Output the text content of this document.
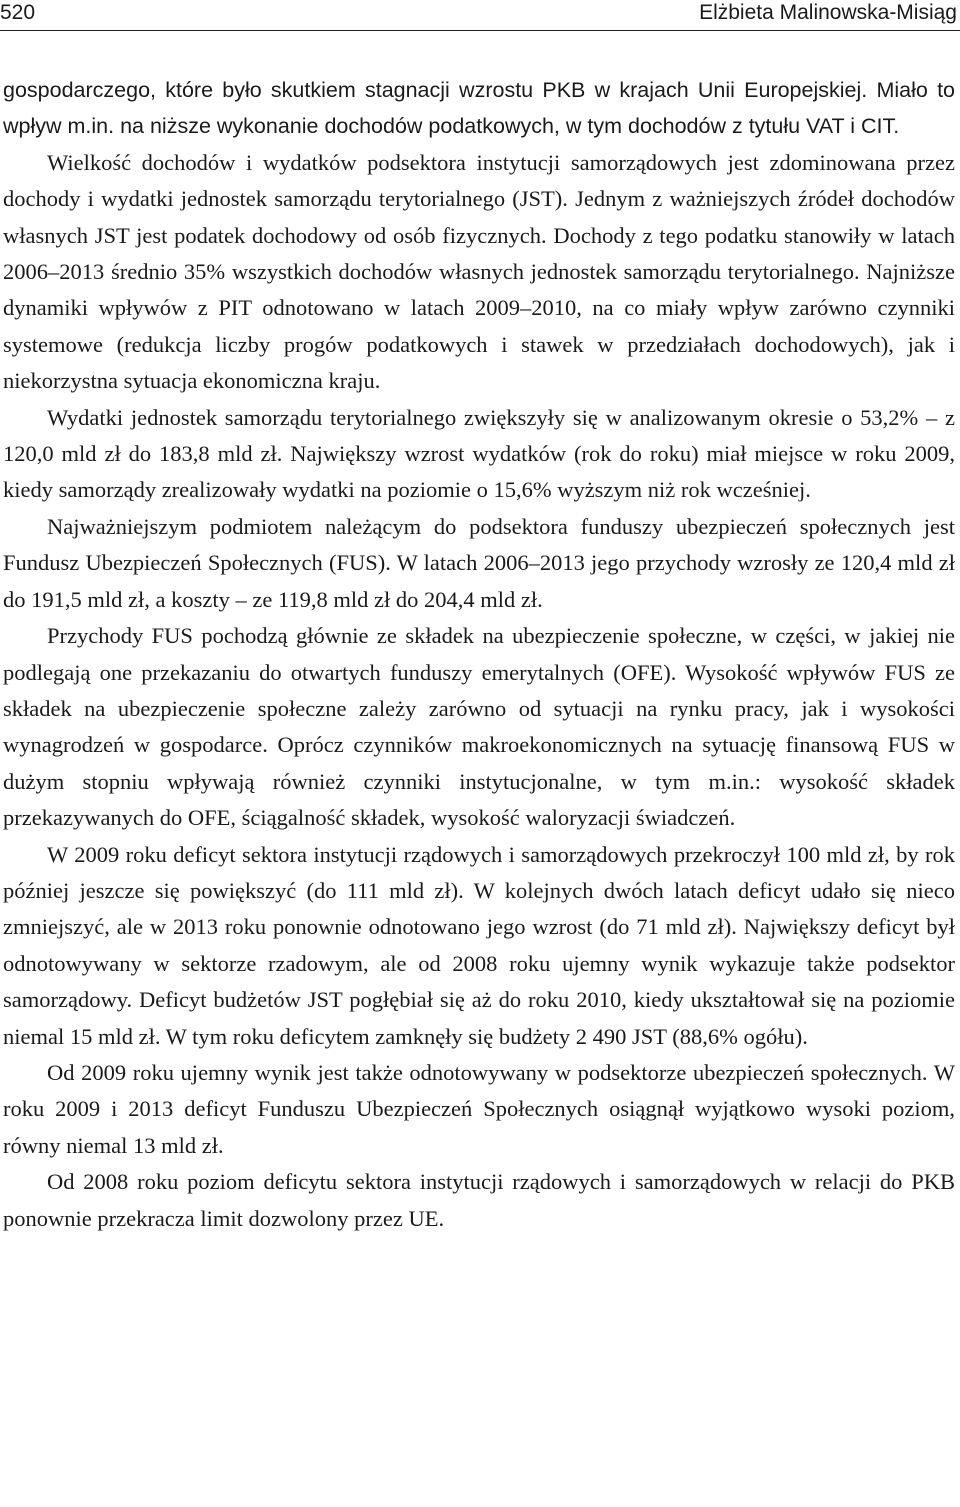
520	Elżbieta Malinowska-Misiąg

gospodarczego, które było skutkiem stagnacji wzrostu PKB w krajach Unii Europejskiej. Miało to wpływ m.in. na niższe wykonanie dochodów podatkowych, w tym dochodów z tytułu VAT i CIT.

Wielkość dochodów i wydatków podsektora instytucji samorządowych jest zdominowana przez dochody i wydatki jednostek samorządu terytorialnego (JST). Jednym z ważniejszych źródeł dochodów własnych JST jest podatek dochodowy od osób fizycznych. Dochody z tego podatku stanowiły w latach 2006–2013 średnio 35% wszystkich dochodów własnych jednostek samorządu terytorialnego. Najniższe dynamiki wpływów z PIT odnotowano w latach 2009–2010, na co miały wpływ zarówno czynniki systemowe (redukcja liczby progów podatkowych i stawek w przedziałach dochodowych), jak i niekorzystna sytuacja ekonomiczna kraju.

Wydatki jednostek samorządu terytorialnego zwiększyły się w analizowanym okresie o 53,2% – z 120,0 mld zł do 183,8 mld zł. Największy wzrost wydatków (rok do roku) miał miejsce w roku 2009, kiedy samorządy zrealizowały wydatki na poziomie o 15,6% wyższym niż rok wcześniej.

Najważniejszym podmiotem należącym do podsektora funduszy ubezpieczeń społecznych jest Fundusz Ubezpieczeń Społecznych (FUS). W latach 2006–2013 jego przychody wzrosły ze 120,4 mld zł do 191,5 mld zł, a koszty – ze 119,8 mld zł do 204,4 mld zł.

Przychody FUS pochodzą głównie ze składek na ubezpieczenie społeczne, w części, w jakiej nie podlegają one przekazaniu do otwartych funduszy emerytalnych (OFE). Wysokość wpływów FUS ze składek na ubezpieczenie społeczne zależy zarówno od sytuacji na rynku pracy, jak i wysokości wynagrodzeń w gospodarce. Oprócz czynników makroekonomicznych na sytuację finansową FUS w dużym stopniu wpływają również czynniki instytucjonalne, w tym m.in.: wysokość składek przekazywanych do OFE, ściągalność składek, wysokość waloryzacji świadczeń.

W 2009 roku deficyt sektora instytucji rządowych i samorządowych przekroczył 100 mld zł, by rok później jeszcze się powiększyć (do 111 mld zł). W kolejnych dwóch latach deficyt udało się nieco zmniejszyć, ale w 2013 roku ponownie odnotowano jego wzrost (do 71 mld zł). Największy deficyt był odnotowywany w sektorze rzadowym, ale od 2008 roku ujemny wynik wykazuje także podsektor samorządowy. Deficyt budżetów JST pogłębiał się aż do roku 2010, kiedy ukształtował się na poziomie niemal 15 mld zł. W tym roku deficytem zamknęły się budżety 2 490 JST (88,6% ogółu).

Od 2009 roku ujemny wynik jest także odnotowywany w podsektorze ubezpieczeń społecznych. W roku 2009 i 2013 deficyt Funduszu Ubezpieczeń Społecznych osiągnął wyjątkowo wysoki poziom, równy niemal 13 mld zł.

Od 2008 roku poziom deficytu sektora instytucji rządowych i samorządowych w relacji do PKB ponownie przekracza limit dozwolony przez UE.
